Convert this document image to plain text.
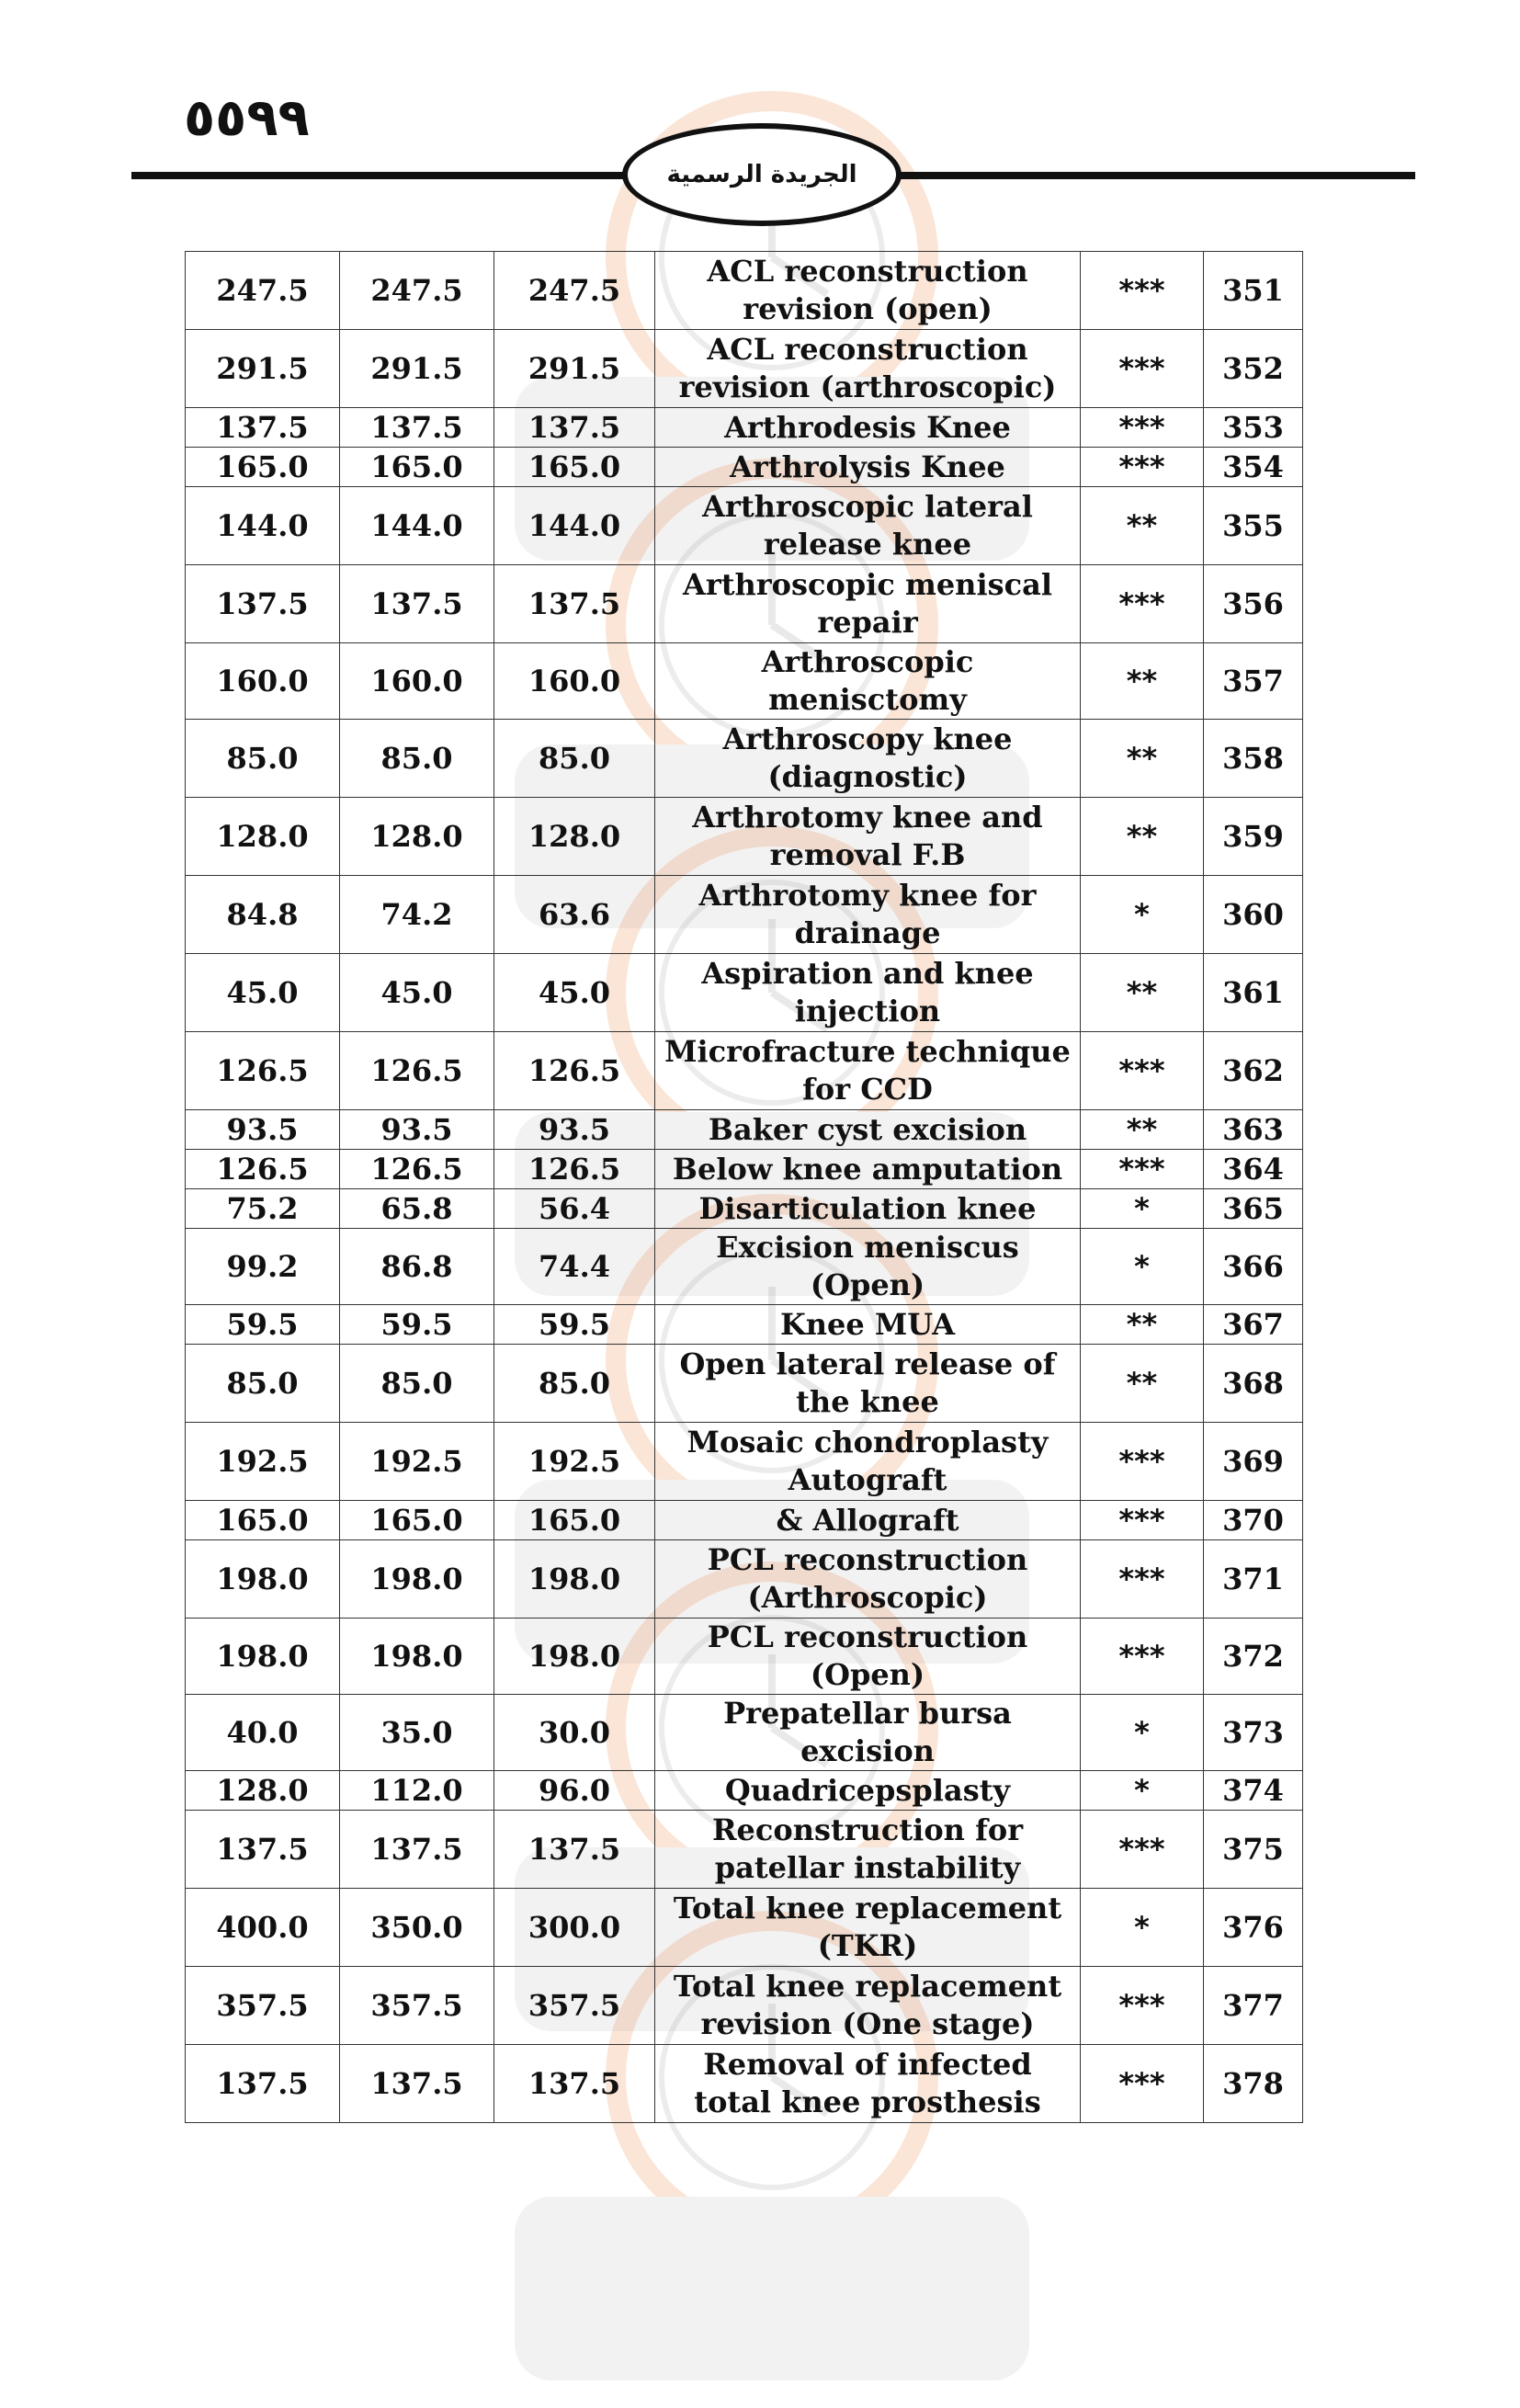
٥٥٩٩
الجريدة الرسمية
247.5	247.5	247.5	ACL reconstruction revision (open)	***	351
291.5	291.5	291.5	ACL reconstruction revision (arthroscopic)	***	352
137.5	137.5	137.5	Arthrodesis Knee	***	353
165.0	165.0	165.0	Arthrolysis Knee	***	354
144.0	144.0	144.0	Arthroscopic lateral release knee	**	355
137.5	137.5	137.5	Arthroscopic meniscal repair	***	356
160.0	160.0	160.0	Arthroscopic menisctomy	**	357
85.0	85.0	85.0	Arthroscopy knee (diagnostic)	**	358
128.0	128.0	128.0	Arthrotomy knee and removal F.B	**	359
84.8	74.2	63.6	Arthrotomy knee for drainage	*	360
45.0	45.0	45.0	Aspiration and knee injection	**	361
126.5	126.5	126.5	Microfracture technique for CCD	***	362
93.5	93.5	93.5	Baker cyst excision	**	363
126.5	126.5	126.5	Below knee amputation	***	364
75.2	65.8	56.4	Disarticulation knee	*	365
99.2	86.8	74.4	Excision meniscus (Open)	*	366
59.5	59.5	59.5	Knee MUA	**	367
85.0	85.0	85.0	Open lateral release of the knee	**	368
192.5	192.5	192.5	Mosaic chondroplasty Autograft	***	369
165.0	165.0	165.0	& Allograft	***	370
198.0	198.0	198.0	PCL reconstruction (Arthroscopic)	***	371
198.0	198.0	198.0	PCL reconstruction (Open)	***	372
40.0	35.0	30.0	Prepatellar bursa excision	*	373
128.0	112.0	96.0	Quadricepsplasty	*	374
137.5	137.5	137.5	Reconstruction for patellar instability	***	375
400.0	350.0	300.0	Total knee replacement (TKR)	*	376
357.5	357.5	357.5	Total knee replacement revision (One stage)	***	377
137.5	137.5	137.5	Removal of infected total knee prosthesis	***	378
